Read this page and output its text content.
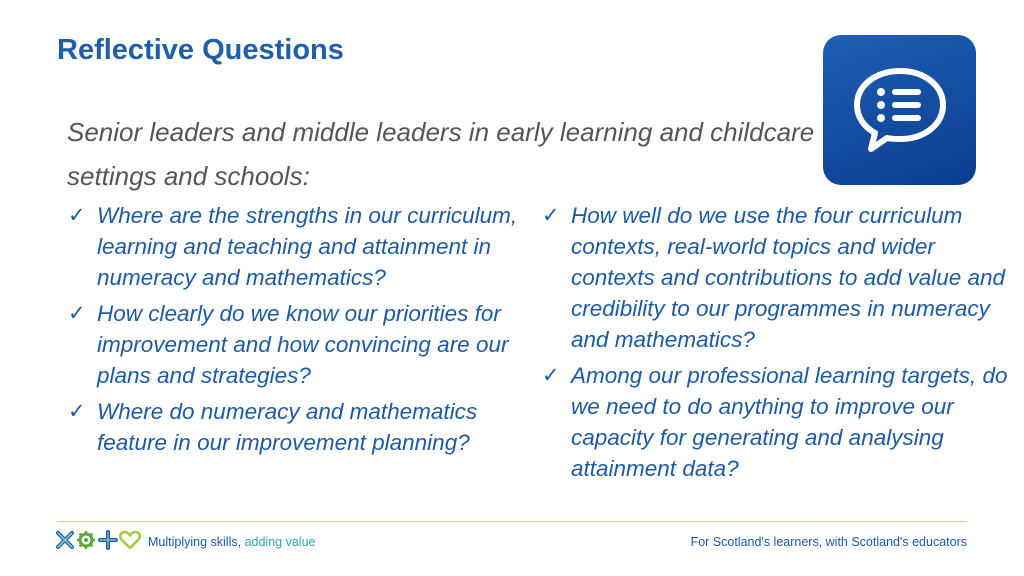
Reflective Questions

Senior leaders and middle leaders in early learning and childcare settings and schools:

✓ Where are the strengths in our curriculum, learning and teaching and attainment in numeracy and mathematics?
✓ How clearly do we know our priorities for improvement and how convincing are our plans and strategies?
✓ Where do numeracy and mathematics feature in our improvement planning?
✓ How well do we use the four curriculum contexts, real-world topics and wider contexts and contributions to add value and credibility to our programmes in numeracy and mathematics?
✓ Among our professional learning targets, do we need to do anything to improve our capacity for generating and analysing attainment data?
Multiplying skills, adding value	For Scotland's learners, with Scotland's educators
